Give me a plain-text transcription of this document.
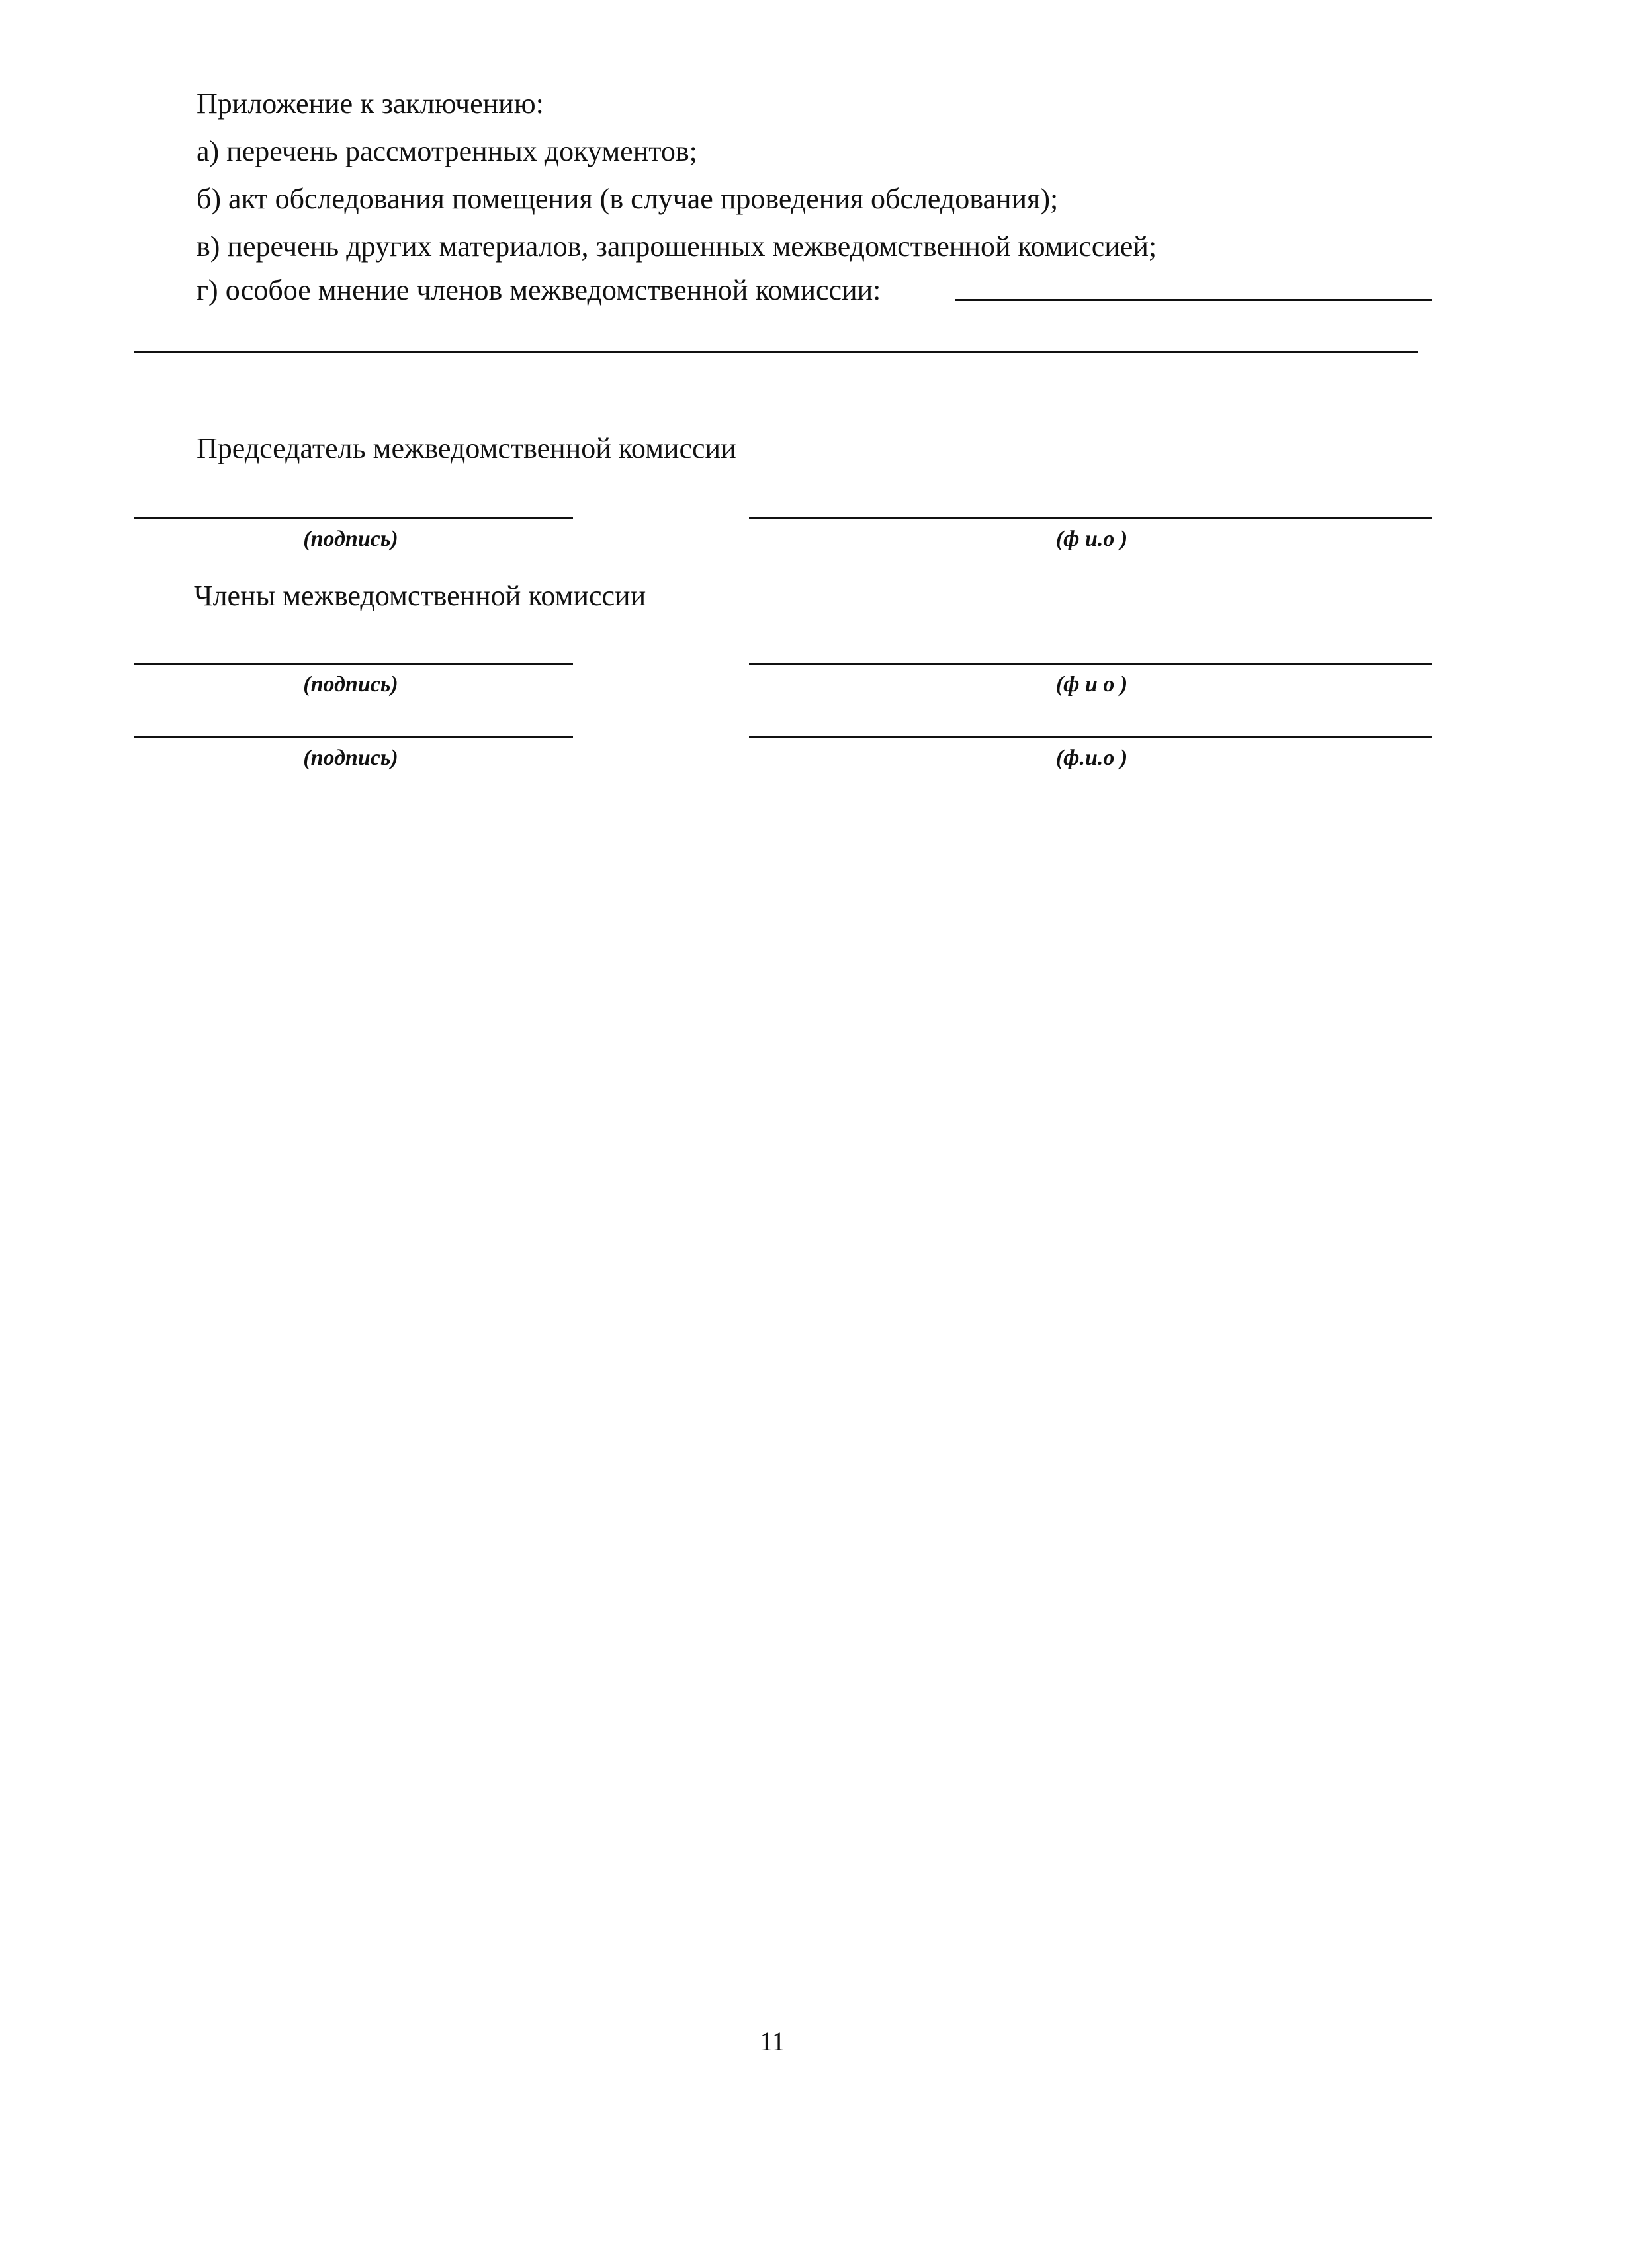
Приложение к заключению:
а) перечень рассмотренных документов;
б) акт обследования помещения (в случае проведения обследования);
в) перечень других материалов, запрошенных межведомственной комиссией;
г) особое мнение членов межведомственной комиссии:
Председатель межведомственной комиссии
(подпись)	(ф и.о )
Члены межведомственной комиссии
(подпись)	(ф и о )
(подпись)	(ф.и.о )
11
